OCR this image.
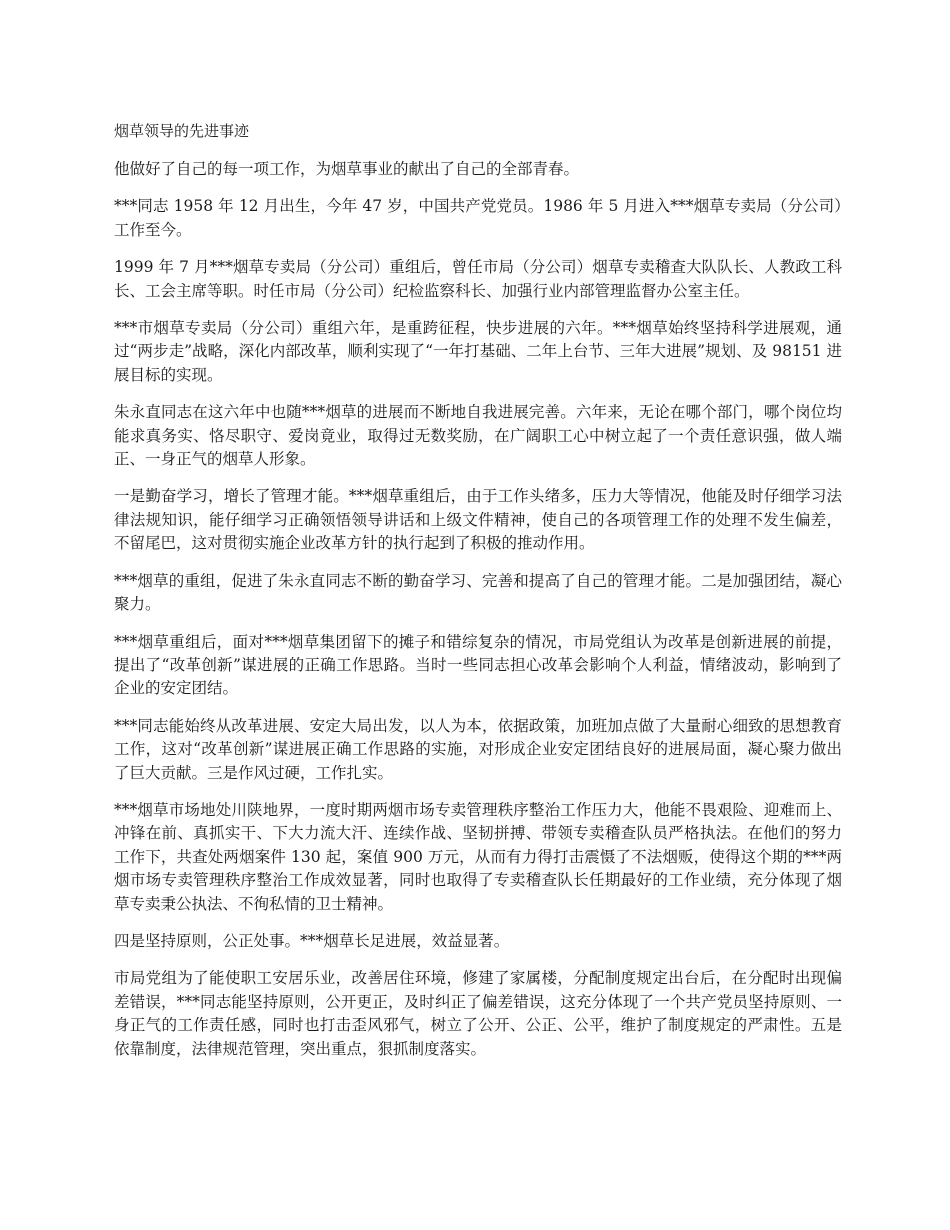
烟草领导的先进事迹

他做好了自己的每一项工作，为烟草事业的献出了自己的全部青春。

***同志 1958 年 12 月出生，今年 47 岁，中国共产党党员。1986 年 5 月进入***烟草专卖局（分公司）工作至今。

1999 年 7 月***烟草专卖局（分公司）重组后，曾任市局（分公司）烟草专卖稽查大队队长、人教政工科长、工会主席等职。时任市局（分公司）纪检监察科长、加强行业内部管理监督办公室主任。

***市烟草专卖局（分公司）重组六年，是重跨征程，快步进展的六年。***烟草始终坚持科学进展观，通过“两步走”战略，深化内部改革，顺利实现了“一年打基础、二年上台节、三年大进展”规划、及 98151 进展目标的实现。

朱永直同志在这六年中也随***烟草的进展而不断地自我进展完善。六年来，无论在哪个部门，哪个岗位均能求真务实、恪尽职守、爱岗竟业，取得过无数奖励，在广阔职工心中树立起了一个责任意识强，做人端正、一身正气的烟草人形象。

一是勤奋学习，增长了管理才能。***烟草重组后，由于工作头绪多，压力大等情况，他能及时仔细学习法律法规知识，能仔细学习正确领悟领导讲话和上级文件精神，使自己的各项管理工作的处理不发生偏差，不留尾巴，这对贯彻实施企业改革方针的执行起到了积极的推动作用。

***烟草的重组，促进了朱永直同志不断的勤奋学习、完善和提高了自己的管理才能。二是加强团结，凝心聚力。

***烟草重组后，面对***烟草集团留下的摊子和错综复杂的情况，市局党组认为改革是创新进展的前提，提出了“改革创新”谋进展的正确工作思路。当时一些同志担心改革会影响个人利益，情绪波动，影响到了企业的安定团结。

***同志能始终从改革进展、安定大局出发，以人为本，依据政策，加班加点做了大量耐心细致的思想教育工作，这对“改革创新”谋进展正确工作思路的实施，对形成企业安定团结良好的进展局面，凝心聚力做出了巨大贡献。三是作风过硬，工作扎实。

***烟草市场地处川陕地界，一度时期两烟市场专卖管理秩序整治工作压力大，他能不畏艰险、迎难而上、冲锋在前、真抓实干、下大力流大汗、连续作战、坚韧拼搏、带领专卖稽查队员严格执法。在他们的努力工作下，共查处两烟案件 130 起，案值 900 万元，从而有力得打击震慑了不法烟贩，使得这个期的***两烟市场专卖管理秩序整治工作成效显著，同时也取得了专卖稽查队长任期最好的工作业绩，充分体现了烟草专卖秉公执法、不徇私情的卫士精神。

四是坚持原则，公正处事。***烟草长足进展，效益显著。

市局党组为了能使职工安居乐业，改善居住环境，修建了家属楼，分配制度规定出台后，在分配时出现偏差错误，***同志能坚持原则，公开更正，及时纠正了偏差错误，这充分体现了一个共产党员坚持原则、一身正气的工作责任感，同时也打击歪风邪气，树立了公开、公正、公平，维护了制度规定的严肃性。五是依靠制度，法律规范管理，突出重点，狠抓制度落实。
